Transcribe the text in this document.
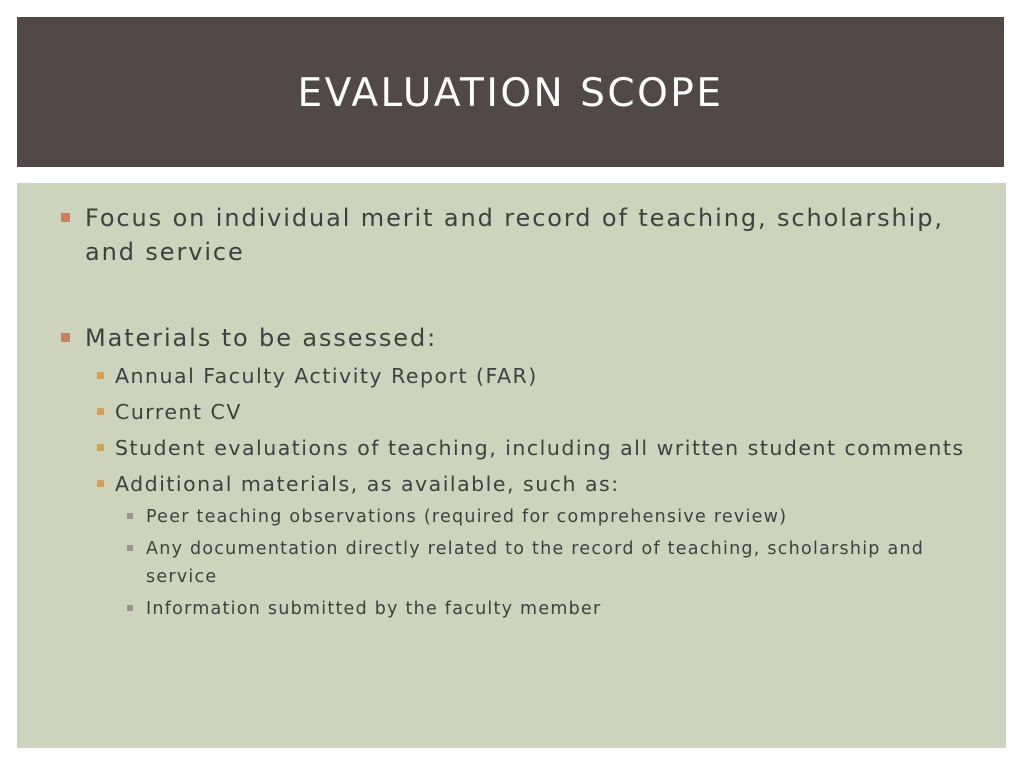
EVALUATION SCOPE
Focus on individual merit and record of teaching, scholarship, and service
Materials to be assessed:
Annual Faculty Activity Report (FAR)
Current CV
Student evaluations of teaching, including all written student comments
Additional materials, as available, such as:
Peer teaching observations (required for comprehensive review)
Any documentation directly related to the record of teaching, scholarship and service
Information submitted by the faculty member
